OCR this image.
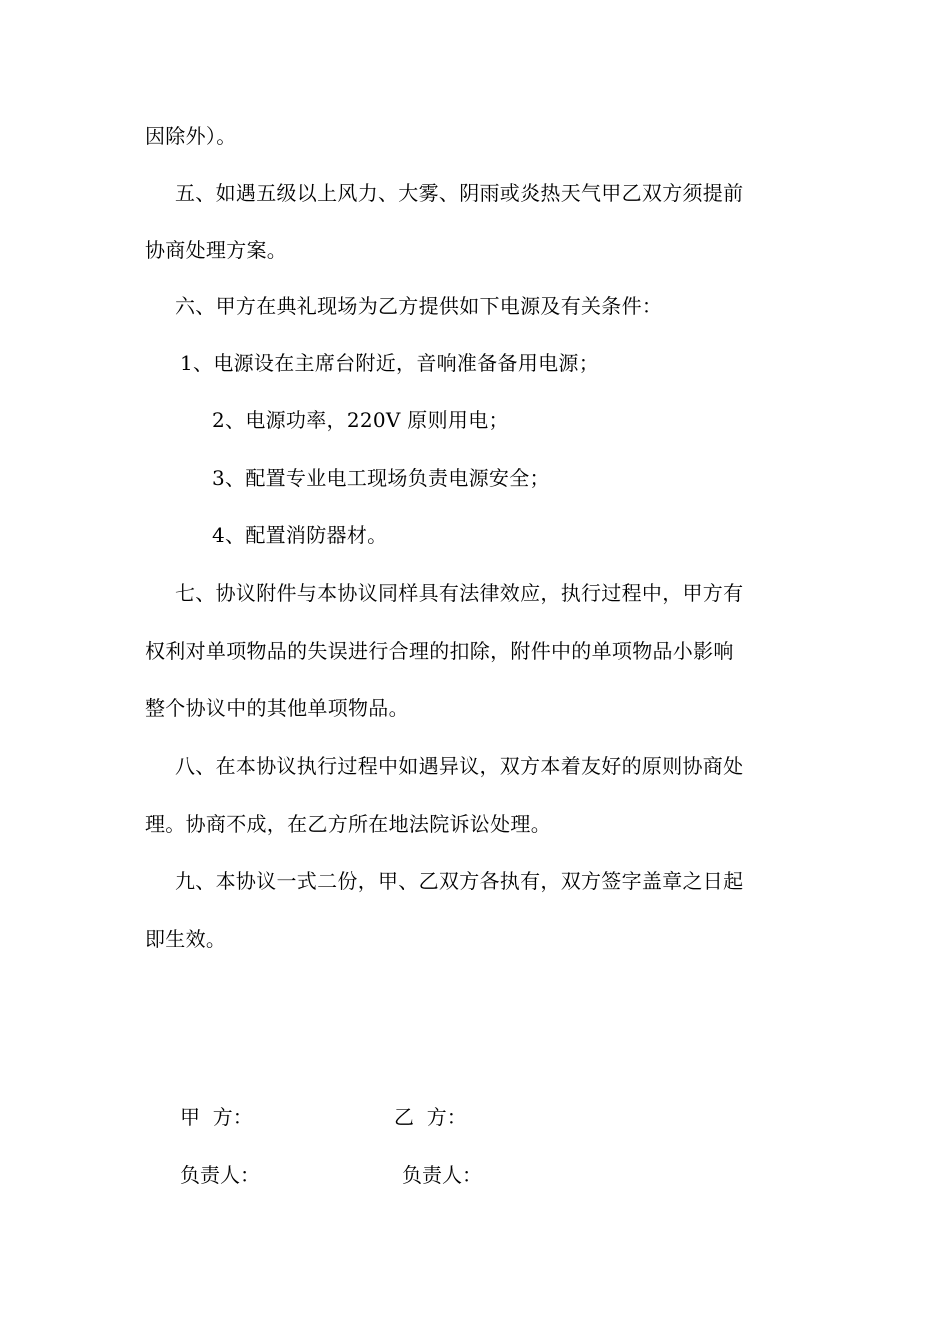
因除外）。
五、如遇五级以上风力、大雾、阴雨或炎热天气甲乙双方须提前
协商处理方案。
六、甲方在典礼现场为乙方提供如下电源及有关条件：
1、电源设在主席台附近，音响准备备用电源；
2、电源功率，220V 原则用电；
3、配置专业电工现场负责电源安全；
4、配置消防器材。
七、协议附件与本协议同样具有法律效应，执行过程中，甲方有
权利对单项物品的失误进行合理的扣除，附件中的单项物品小影响
整个协议中的其他单项物品。
八、在本协议执行过程中如遇异议，双方本着友好的原则协商处
理。协商不成，在乙方所在地法院诉讼处理。
九、本协议一式二份，甲、乙双方各执有，双方签字盖章之日起
即生效。
甲  方：	乙  方：
负责人：	负责人：
